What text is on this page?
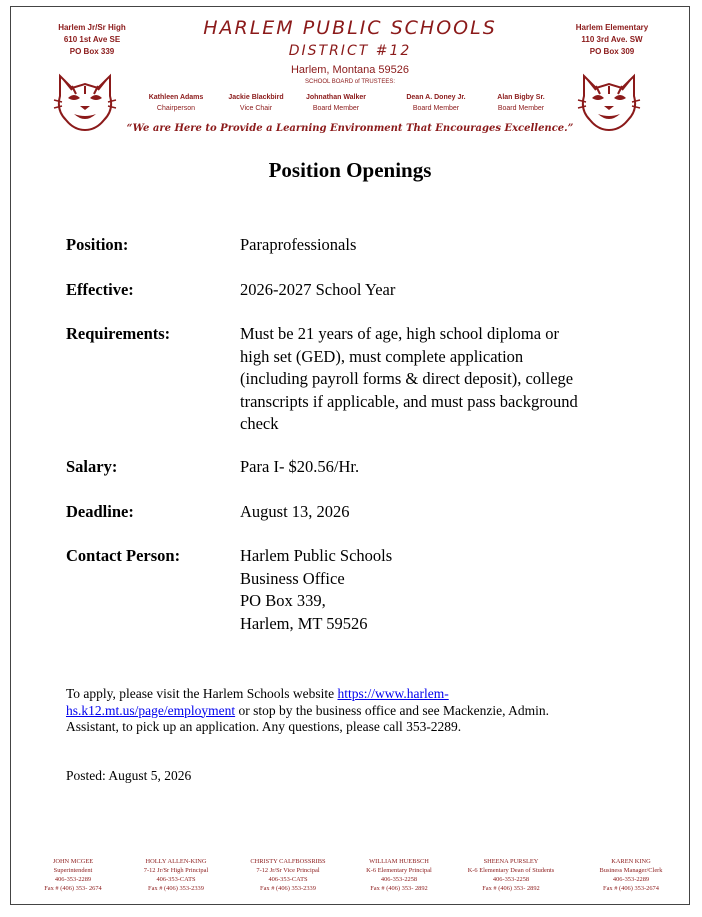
Harlem Jr/Sr High
610 1st Ave SE
PO Box 339
Harlem Elementary
110 3rd Ave. SW
PO Box 309
HARLEM PUBLIC SCHOOLS
DISTRICT #12
Harlem, Montana 59526
SCHOOL BOARD of TRUSTEES:
Kathleen Adams
Chairperson
Jackie Blackbird
Vice Chair
Johnathan Walker
Board Member
Dean A. Doney Jr.
Board Member
Alan Bigby Sr.
Board Member
“We are Here to Provide a Learning Environment That Encourages Excellence.”
Position Openings
Position:	Paraprofessionals
Effective:	2026-2027 School Year
Requirements:	Must be 21 years of age, high school diploma or
high set (GED), must complete application
(including payroll forms & direct deposit), college
transcripts if applicable, and must pass background
check
Salary:	Para I- $20.56/Hr.
Deadline:	August 13, 2026
Contact Person:	Harlem Public Schools
Business Office
PO Box 339,
Harlem, MT 59526
To apply, please visit the Harlem Schools website https://www.harlem-
hs.k12.mt.us/page/employment or stop by the business office and see Mackenzie, Admin.
Assistant, to pick up an application. Any questions, please call 353-2289.
Posted: August 5, 2026
JOHN MCGEE
Superintendent
406-353-2289
Fax # (406) 353- 2674
HOLLY ALLEN-KING
7-12 Jr/Sr High Principal
406-353-CATS
Fax # (406) 353-2339
CHRISTY CALFBOSSRIBS
7-12 Jr/Sr Vice Principal
406-353-CATS
Fax # (406) 353-2339
WILLIAM HUEBSCH
K-6 Elementary Principal
406-353-2258
Fax # (406) 353- 2892
SHEENA PURSLEY
K-6 Elementary Dean of Students
406-353-2258
Fax # (406) 353- 2892
KAREN KING
Business Manager/Clerk
406-353-2289
Fax # (406) 353-2674
